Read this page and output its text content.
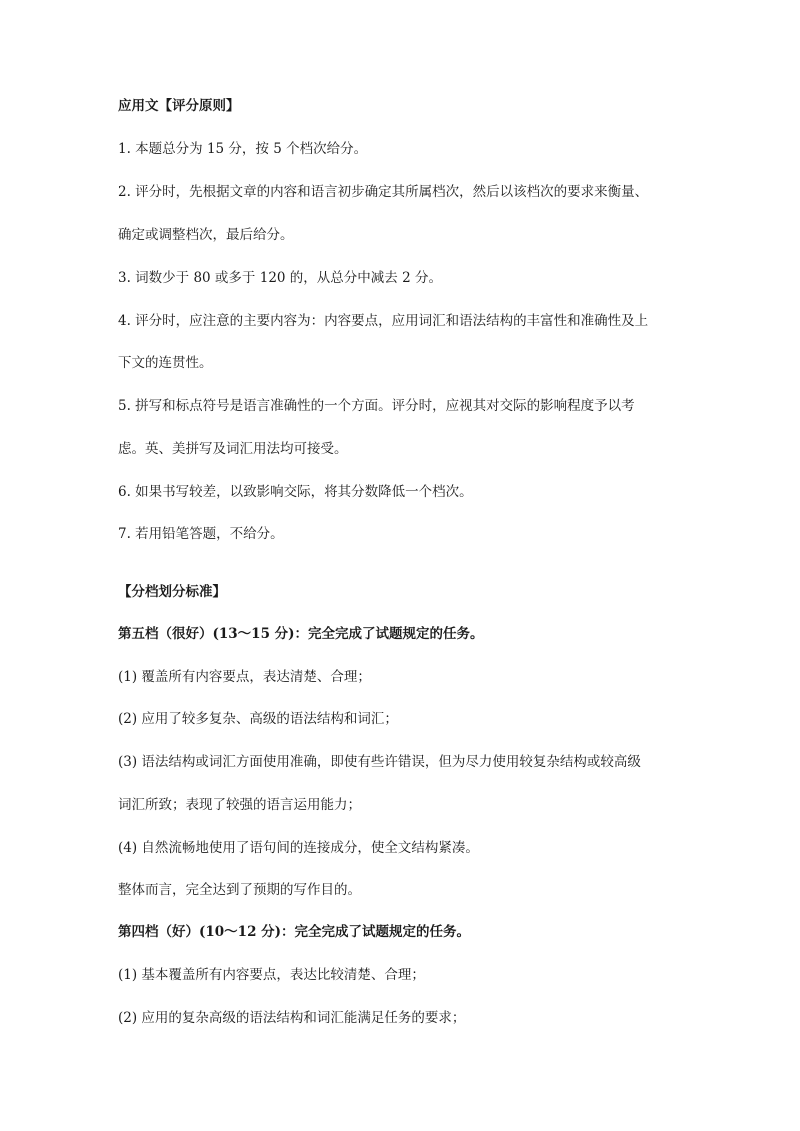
应用文【评分原则】
1. 本题总分为 15 分，按 5 个档次给分。
2. 评分时，先根据文章的内容和语言初步确定其所属档次，然后以该档次的要求来衡量、
确定或调整档次，最后给分。
3. 词数少于 80 或多于 120 的，从总分中减去 2 分。
4. 评分时，应注意的主要内容为：内容要点，应用词汇和语法结构的丰富性和准确性及上
下文的连贯性。
5. 拼写和标点符号是语言准确性的一个方面。评分时，应视其对交际的影响程度予以考
虑。英、美拼写及词汇用法均可接受。
6. 如果书写较差，以致影响交际，将其分数降低一个档次。
7. 若用铅笔答题，不给分。
【分档划分标准】
第五档（很好）(13～15 分)：完全完成了试题规定的任务。
(1) 覆盖所有内容要点，表达清楚、合理；
(2) 应用了较多复杂、高级的语法结构和词汇；
(3) 语法结构或词汇方面使用准确，即使有些许错误，但为尽力使用较复杂结构或较高级
词汇所致；表现了较强的语言运用能力；
(4) 自然流畅地使用了语句间的连接成分，使全文结构紧凑。
整体而言，完全达到了预期的写作目的。
第四档（好）(10～12 分)：完全完成了试题规定的任务。
(1) 基本覆盖所有内容要点，表达比较清楚、合理；
(2) 应用的复杂高级的语法结构和词汇能满足任务的要求；
